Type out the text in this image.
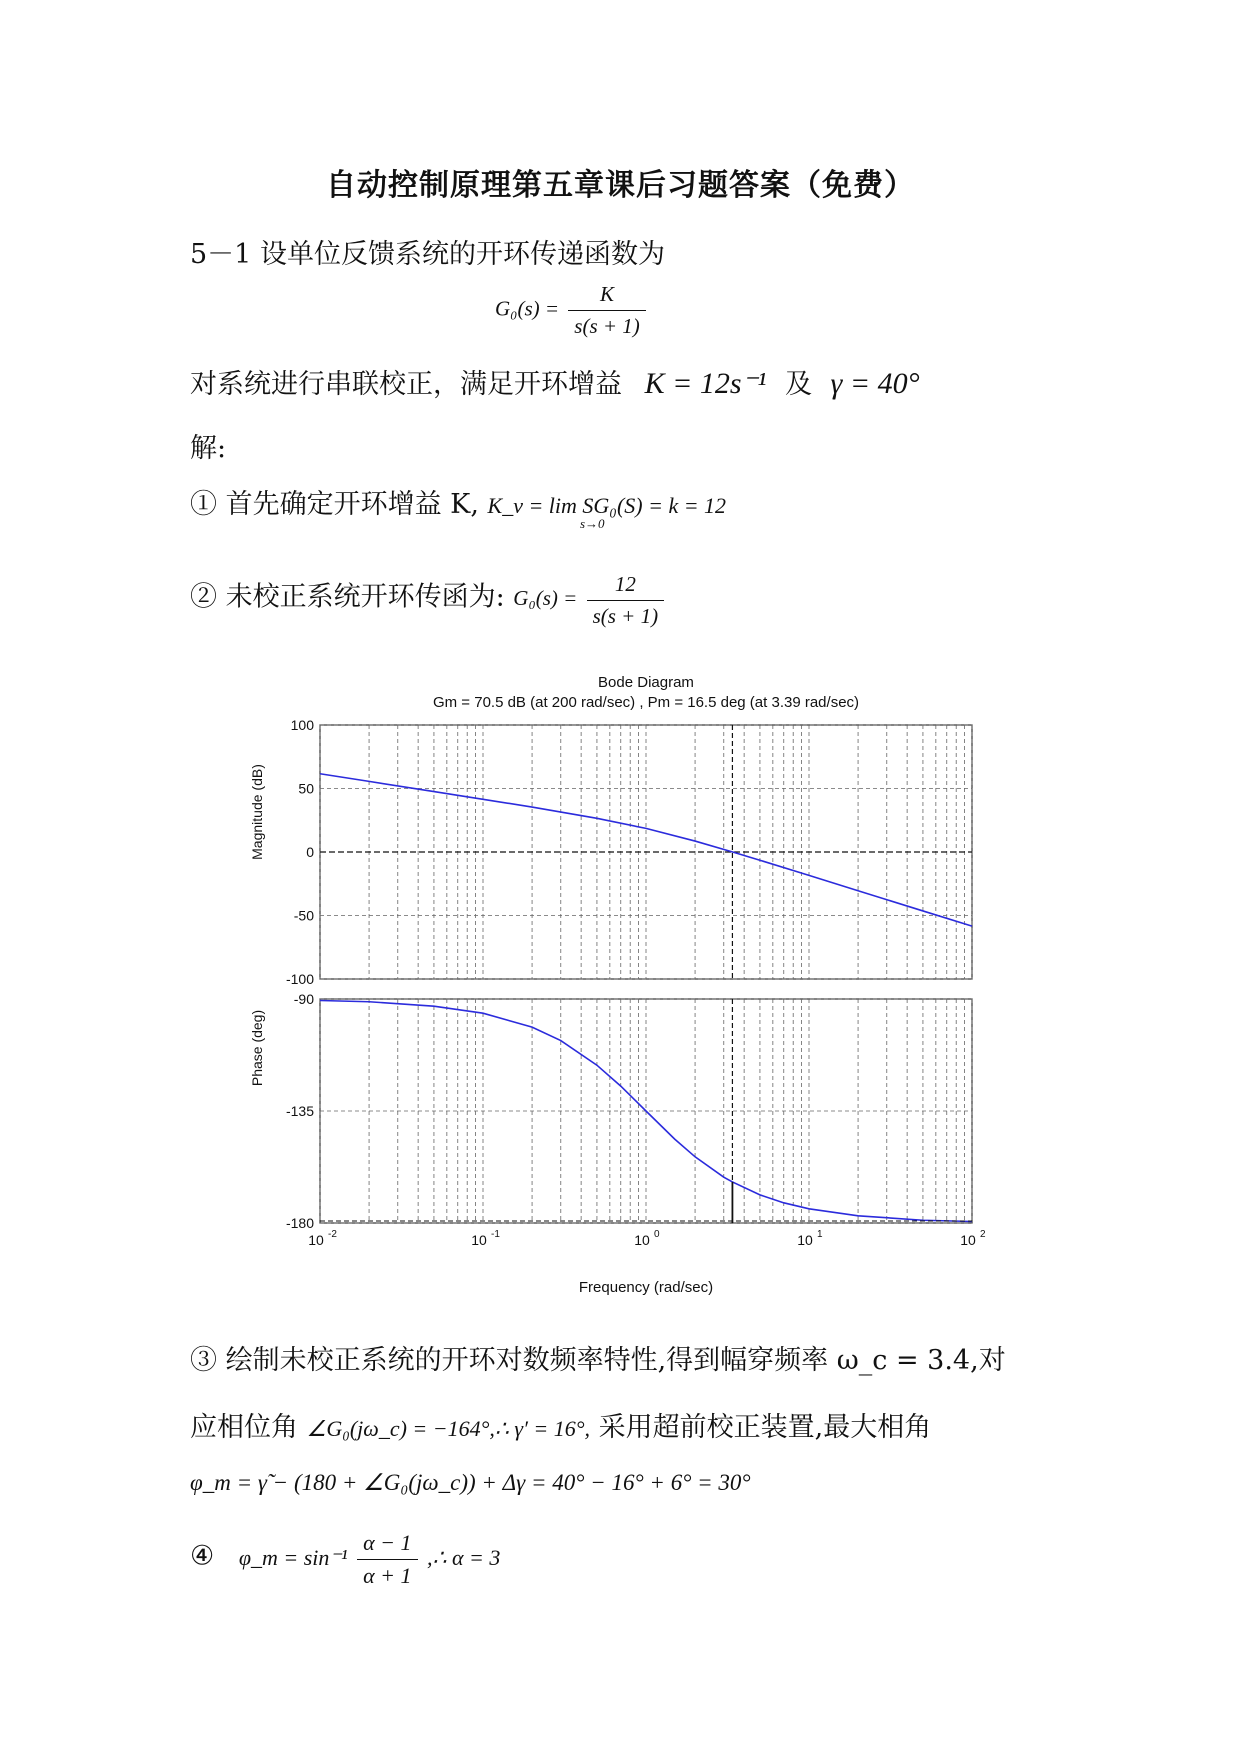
自动控制原理第五章课后习题答案（免费）
5－1 设单位反馈系统的开环传递函数为
$G_0(s) = \frac{K}{s(s + 1)}$
对系统进行串联校正，满足开环增益 K = 12s⁻¹ 及 γ = 40°
解:
① 首先确定开环增益 K, K_v = lim SG₀(S) = k = 12
s→0
② 未校正系统开环传函为: $G_0(s) = \frac{12}{s(s + 1)}$
Bode Diagram
Gm = 70.5 dB (at 200 rad/sec) , Pm = 16.5 deg (at 3.39 rad/sec)
Magnitude (dB)
Phase (deg)
Frequency (rad/sec)
100
50
0
-50
-100
-90
-135
-180
10 -2	10 -1	10 0	10 1	10 2
③ 绘制未校正系统的开环对数频率特性,得到幅穿频率 ω_c = 3.4,对
应相位角 ∠G₀(jω_c) = −164°,∴ γ′ = 16°, 采用超前校正装置,最大相角
φ_m = γ̃ − (180 + ∠G₀(jω_c)) + Δγ = 40° − 16° + 6° = 30°
④ φ_m = $\sin^{-1} \frac{\alpha - 1}{\alpha + 1}$ ,∴ α = 3
